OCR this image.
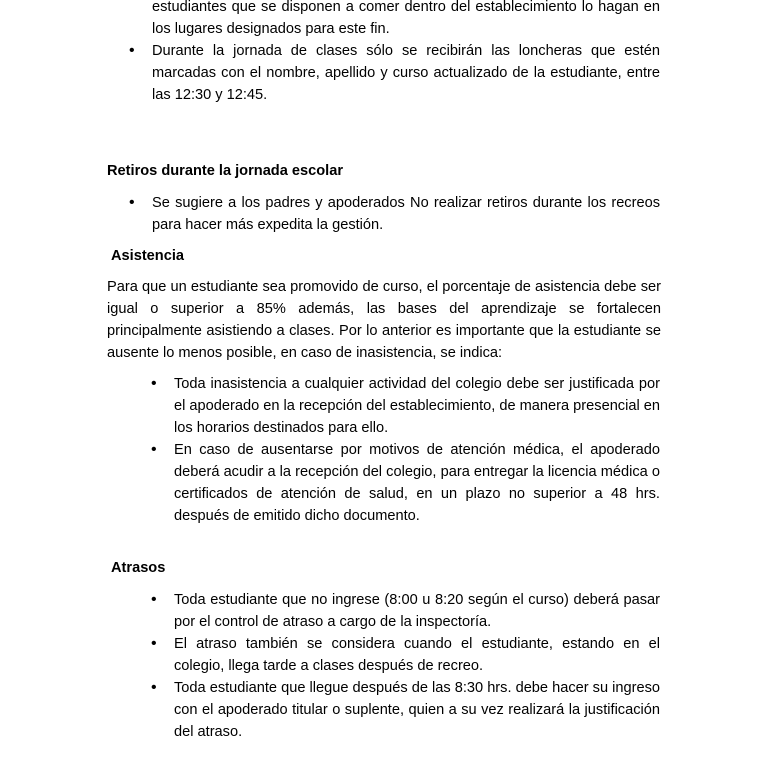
estudiantes que se disponen a comer dentro del establecimiento lo hagan en los lugares designados para este fin.
• Durante la jornada de clases sólo se recibirán las loncheras que estén marcadas con el nombre, apellido y curso actualizado de la estudiante, entre las 12:30 y 12:45.
Retiros durante la jornada escolar
• Se sugiere a los padres y apoderados No realizar retiros durante los recreos para hacer más expedita la gestión.
Asistencia
Para que un estudiante sea promovido de curso, el porcentaje de asistencia debe ser igual o superior a 85% además, las bases del aprendizaje se fortalecen principalmente asistiendo a clases. Por lo anterior es importante que la estudiante se ausente lo menos posible, en caso de inasistencia, se indica:
• Toda inasistencia a cualquier actividad del colegio debe ser justificada por el apoderado en la recepción del establecimiento, de manera presencial en los horarios destinados para ello.
• En caso de ausentarse por motivos de atención médica, el apoderado deberá acudir a la recepción del colegio, para entregar la licencia médica o certificados de atención de salud, en un plazo no superior a 48 hrs. después de emitido dicho documento.
Atrasos
• Toda estudiante que no ingrese (8:00 u 8:20 según el curso) deberá pasar por el control de atraso a cargo de la inspectoría.
• El atraso también se considera cuando el estudiante, estando en el colegio, llega tarde a clases después de recreo.
• Toda estudiante que llegue después de las 8:30 hrs. debe hacer su ingreso con el apoderado titular o suplente, quien a su vez realizará la justificación del atraso.
